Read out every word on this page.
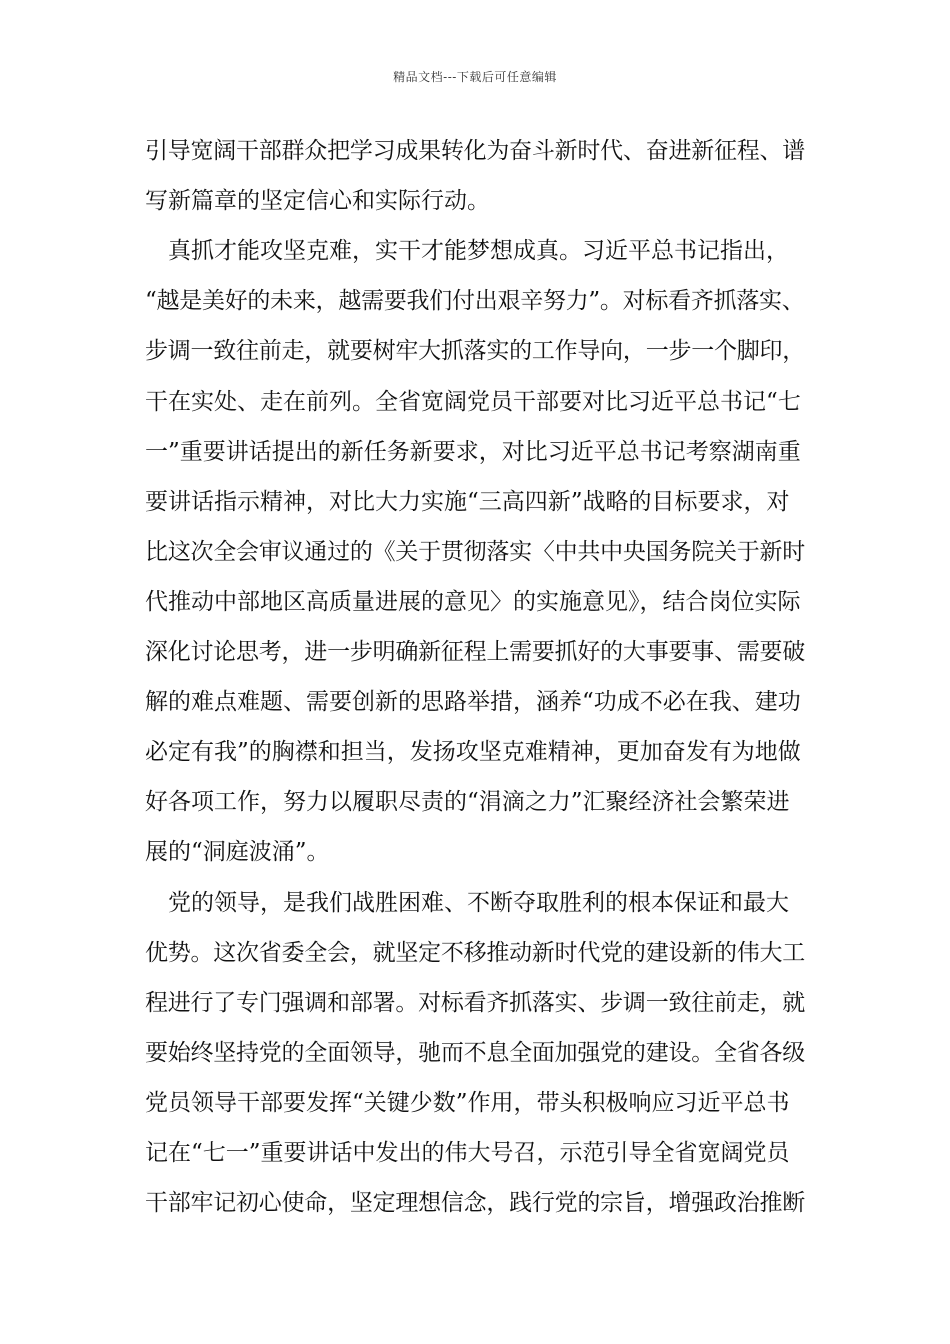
精品文档---下载后可任意编辑
引导宽阔干部群众把学习成果转化为奋斗新时代、奋进新征程、谱
写新篇章的坚定信心和实际行动。
　真抓才能攻坚克难，实干才能梦想成真。习近平总书记指出，
“越是美好的未来，越需要我们付出艰辛努力”。对标看齐抓落实、
步调一致往前走，就要树牢大抓落实的工作导向，一步一个脚印，
干在实处、走在前列。全省宽阔党员干部要对比习近平总书记“七
一”重要讲话提出的新任务新要求，对比习近平总书记考察湖南重
要讲话指示精神，对比大力实施“三高四新”战略的目标要求，对
比这次全会审议通过的《关于贯彻落实〈中共中央国务院关于新时
代推动中部地区高质量进展的意见〉的实施意见》，结合岗位实际
深化讨论思考，进一步明确新征程上需要抓好的大事要事、需要破
解的难点难题、需要创新的思路举措，涵养“功成不必在我、建功
必定有我”的胸襟和担当，发扬攻坚克难精神，更加奋发有为地做
好各项工作，努力以履职尽责的“涓滴之力”汇聚经济社会繁荣进
展的“洞庭波涌”。
　党的领导，是我们战胜困难、不断夺取胜利的根本保证和最大
优势。这次省委全会，就坚定不移推动新时代党的建设新的伟大工
程进行了专门强调和部署。对标看齐抓落实、步调一致往前走，就
要始终坚持党的全面领导，驰而不息全面加强党的建设。全省各级
党员领导干部要发挥“关键少数”作用，带头积极响应习近平总书
记在“七一”重要讲话中发出的伟大号召，示范引导全省宽阔党员
干部牢记初心使命，坚定理想信念，践行党的宗旨，增强政治推断
